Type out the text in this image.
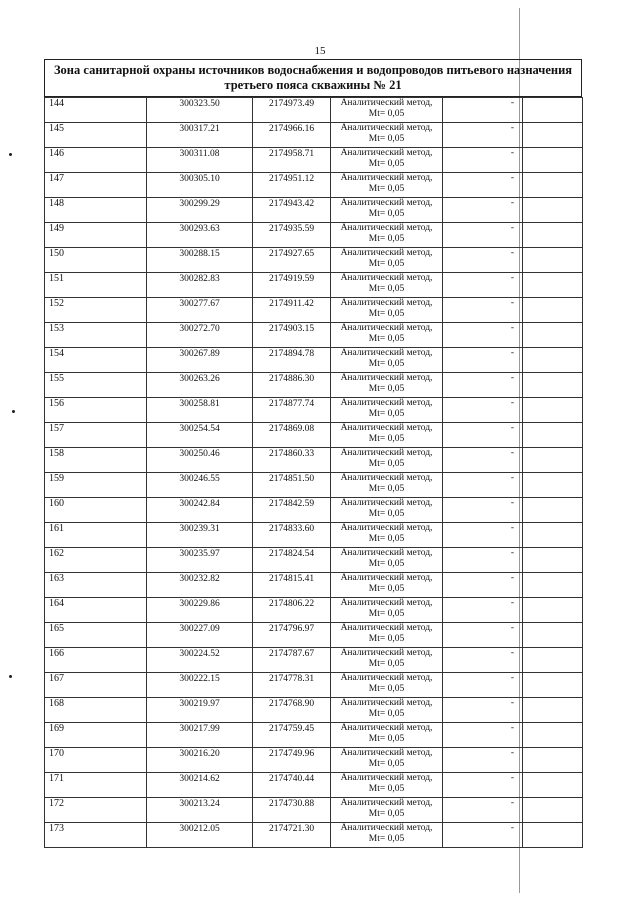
15
Зона санитарной охраны источников водоснабжения и водопроводов питьевого назначения третьего пояса скважины № 21
144	300323.50	2174973.49	Аналитический метод,
Mt= 0,05	-	
145	300317.21	2174966.16	Аналитический метод,
Mt= 0,05	-	
146	300311.08	2174958.71	Аналитический метод,
Mt= 0,05	-	
147	300305.10	2174951.12	Аналитический метод,
Mt= 0,05	-	
148	300299.29	2174943.42	Аналитический метод,
Mt= 0,05	-	
149	300293.63	2174935.59	Аналитический метод,
Mt= 0,05	-	
150	300288.15	2174927.65	Аналитический метод,
Mt= 0,05	-	
151	300282.83	2174919.59	Аналитический метод,
Mt= 0,05	-	
152	300277.67	2174911.42	Аналитический метод,
Mt= 0,05	-	
153	300272.70	2174903.15	Аналитический метод,
Mt= 0,05	-	
154	300267.89	2174894.78	Аналитический метод,
Mt= 0,05	-	
155	300263.26	2174886.30	Аналитический метод,
Mt= 0,05	-	
156	300258.81	2174877.74	Аналитический метод,
Mt= 0,05	-	
157	300254.54	2174869.08	Аналитический метод,
Mt= 0,05	-	
158	300250.46	2174860.33	Аналитический метод,
Mt= 0,05	-	
159	300246.55	2174851.50	Аналитический метод,
Mt= 0,05	-	
160	300242.84	2174842.59	Аналитический метод,
Mt= 0,05	-	
161	300239.31	2174833.60	Аналитический метод,
Mt= 0,05	-	
162	300235.97	2174824.54	Аналитический метод,
Mt= 0,05	-	
163	300232.82	2174815.41	Аналитический метод,
Mt= 0,05	-	
164	300229.86	2174806.22	Аналитический метод,
Mt= 0,05	-	
165	300227.09	2174796.97	Аналитический метод,
Mt= 0,05	-	
166	300224.52	2174787.67	Аналитический метод,
Mt= 0,05	-	
167	300222.15	2174778.31	Аналитический метод,
Mt= 0,05	-	
168	300219.97	2174768.90	Аналитический метод,
Mt= 0,05	-	
169	300217.99	2174759.45	Аналитический метод,
Mt= 0,05	-	
170	300216.20	2174749.96	Аналитический метод,
Mt= 0,05	-	
171	300214.62	2174740.44	Аналитический метод,
Mt= 0,05	-	
172	300213.24	2174730.88	Аналитический метод,
Mt= 0,05	-	
173	300212.05	2174721.30	Аналитический метод,
Mt= 0,05	-	
